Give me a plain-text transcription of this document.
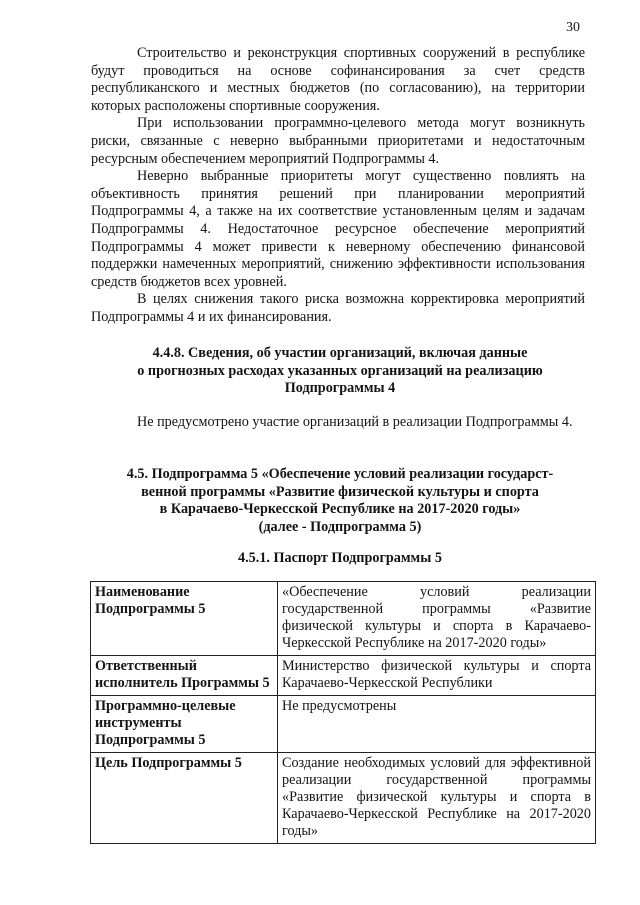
30

Строительство и реконструкция спортивных сооружений в республике будут проводиться на основе софинансирования за счет средств республиканского и местных бюджетов (по согласованию), на территории которых расположены спортивные сооружения.

При использовании программно-целевого метода могут возникнуть риски, связанные с неверно выбранными приоритетами и недостаточным ресурсным обеспечением мероприятий Подпрограммы 4.

Неверно выбранные приоритеты могут существенно повлиять на объективность принятия решений при планировании мероприятий Подпрограммы 4, а также на их соответствие установленным целям и задачам Подпрограммы 4. Недостаточное ресурсное обеспечение мероприятий Подпрограммы 4 может привести к неверному обеспечению финансовой поддержки намеченных мероприятий, снижению эффективности использования средств бюджетов всех уровней.

В целях снижения такого риска возможна корректировка мероприятий Подпрограммы 4 и их финансирования.

4.4.8. Сведения, об участии организаций, включая данные
о прогнозных расходах указанных организаций на реализацию
Подпрограммы 4

Не предусмотрено участие организаций в реализации Подпрограммы 4.

4.5. Подпрограмма 5 «Обеспечение условий реализации государст-
венной программы «Развитие физической культуры и спорта
в Карачаево-Черкесской Республике на 2017-2020 годы»
(далее - Подпрограмма 5)
4.5.1. Паспорт Подпрограммы 5
Наименование Подпрограммы 5	«Обеспечение условий реализации государственной программы «Развитие физической культуры и спорта в Карачаево-Черкесской Республике на 2017-2020 годы»
Ответственный исполнитель Программы 5	Министерство физической культуры и спорта Карачаево-Черкесской Республики
Программно-целевые инструменты Подпрограммы 5	Не предусмотрены
Цель Подпрограммы 5	Создание необходимых условий для эффективной реализации государственной программы «Развитие физической культуры и спорта в Карачаево-Черкесской Республике на 2017-2020 годы»
